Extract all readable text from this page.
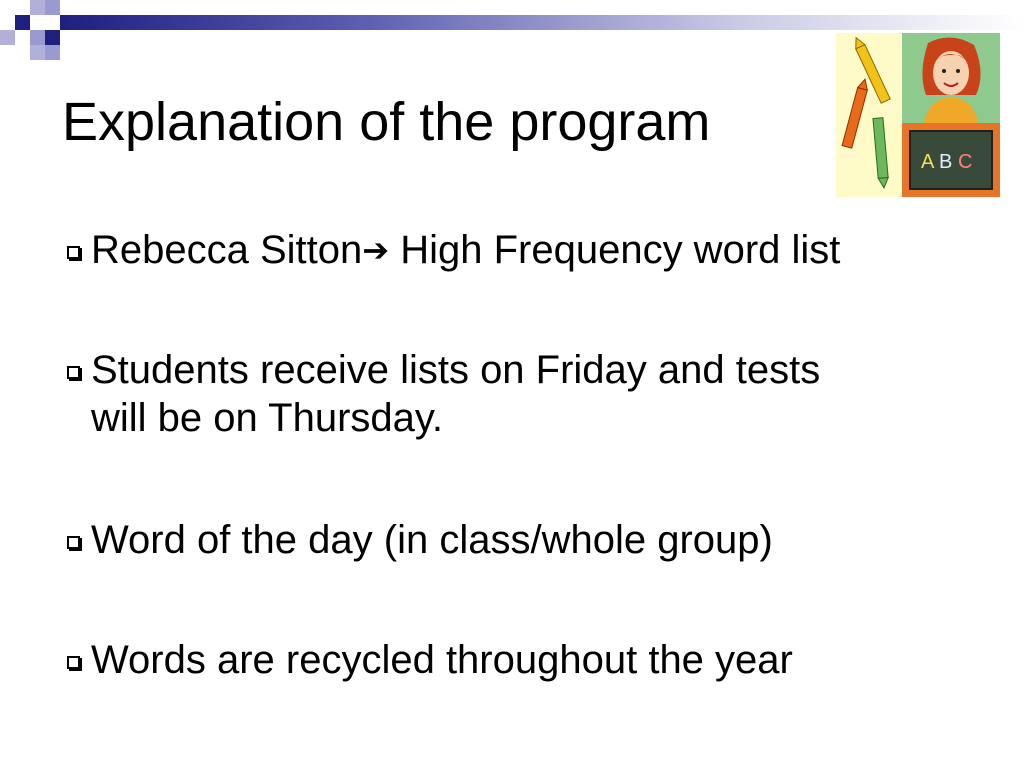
Explanation of the program
A B C
Rebecca Sitton➔ High Frequency word list
Students receive lists on Friday and tests
will be on Thursday.
Word of the day (in class/whole group)
Words are recycled throughout the year
